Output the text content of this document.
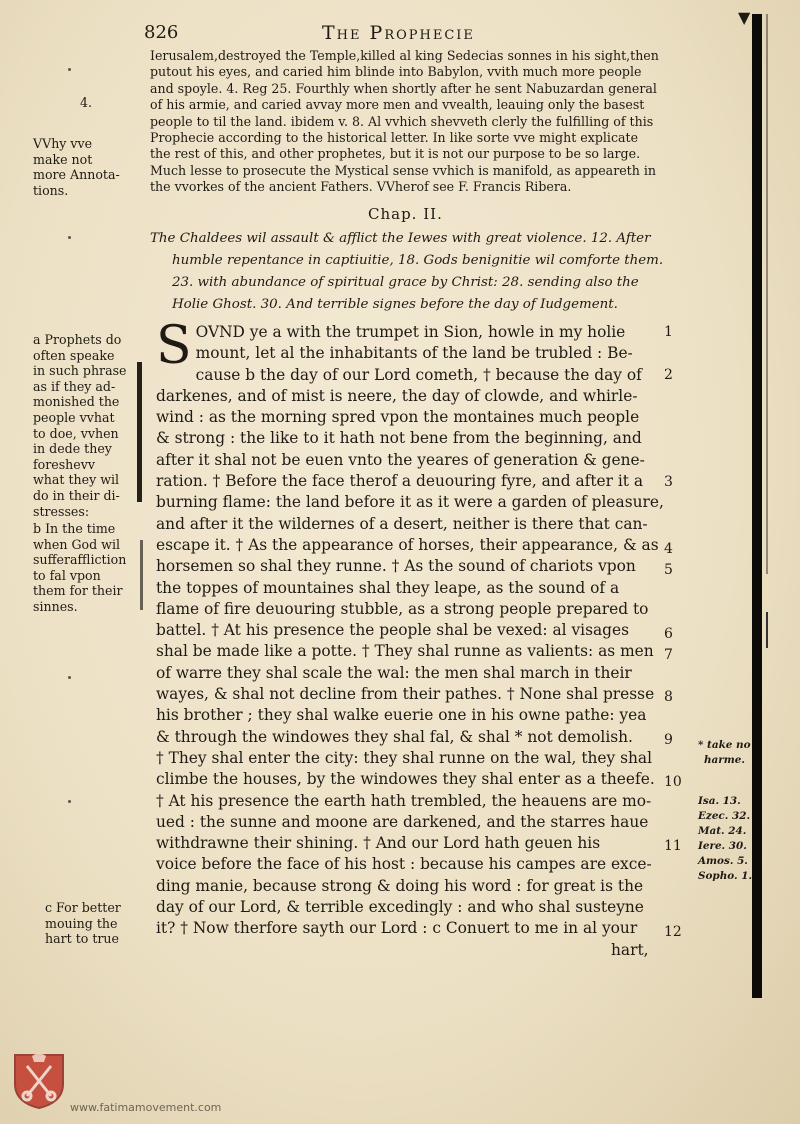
826	The Prophecie
▼
Ierusalem,destroyed the Temple,killed al king Sedecias sonnes in his sight,then
putout his eyes, and caried him blinde into Babylon, vvith much more people
and spoyle. 4. Reg 25. Fourthly when shortly after he sent Nabuzardan general
of his armie, and caried avvay more men and vvealth, leauing only the basest
people to til the land. ibidem v. 8. Al vvhich shevveth clerly the fulfilling of this
Prophecie according to the historical letter. In like sorte vve might explicate
the rest of this, and other prophetes, but it is not our purpose to be so large.
Much lesse to prosecute the Mystical sense vvhich is manifold, as appeareth in
the vvorkes of the ancient Fathers. VVherof see F. Francis Ribera.
Chap. II.
The Chaldees wil assault & afflict the Iewes with great violence. 12. After
humble repentance in captiuitie, 18. Gods benignitie wil comforte them.
23. with abundance of spiritual grace by Christ: 28. sending also the
Holie Ghost. 30. And terrible signes before the day of Iudgement.
S OVND ye a with the trumpet in Sion, howle in my holie
mount, let al the inhabitants of the land be trubled : Be-
cause b the day of our Lord cometh, † because the day of
darkenes, and of mist is neere, the day of clowde, and whirle-
wind : as the morning spred vpon the montaines much people
& strong : the like to it hath not bene from the beginning, and
after it shal not be euen vnto the yeares of generation & gene-
ration. † Before the face therof a deuouring fyre, and after it a
burning flame: the land before it as it were a garden of pleasure,
and after it the wildernes of a desert, neither is there that can-
escape it. † As the appearance of horses, their appearance, & as
horsemen so shal they runne. † As the sound of chariots vpon
the toppes of mountaines shal they leape, as the sound of a
flame of fire deuouring stubble, as a strong people prepared to
battel. † At his presence the people shal be vexed: al visages
shal be made like a potte. † They shal runne as valients: as men
of warre they shal scale the wal: the men shal march in their
wayes, & shal not decline from their pathes. † None shal presse
his brother ; they shal walke euerie one in his owne pathe: yea
& through the windowes they shal fal, & shal * not demolish.
† They shal enter the city: they shal runne on the wal, they shal
climbe the houses, by the windowes they shal enter as a theefe.
† At his presence the earth hath trembled, the heauens are mo-
ued : the sunne and moone are darkened, and the starres haue
withdrawne their shining. † And our Lord hath geuen his
voice before the face of his host : because his campes are exce-
ding manie, because strong & doing his word : for great is the
day of our Lord, & terrible excedingly : and who shal susteyne
it? † Now therfore sayth our Lord : c Conuert to me in al your
hart,
1
2
3
4
5
6
7
8
9
10
11
12
4.
VVhy vve
make not
more Annota-
tions.
a Prophets do
often speake
in such phrase
as if they ad-
monished the
people vvhat
to doe, vvhen
in dede they
foreshevv
what they wil
do in their di-
stresses:
b In the time
when God wil
sufferaffliction
to fal vpon
them for their
sinnes.
c For better
mouing the
hart to true
* take no
harme.
Isa. 13.
Ezec. 32.
Mat. 24.
Iere. 30.
Amos. 5.
Sopho. 1.
www.fatimamovement.com
